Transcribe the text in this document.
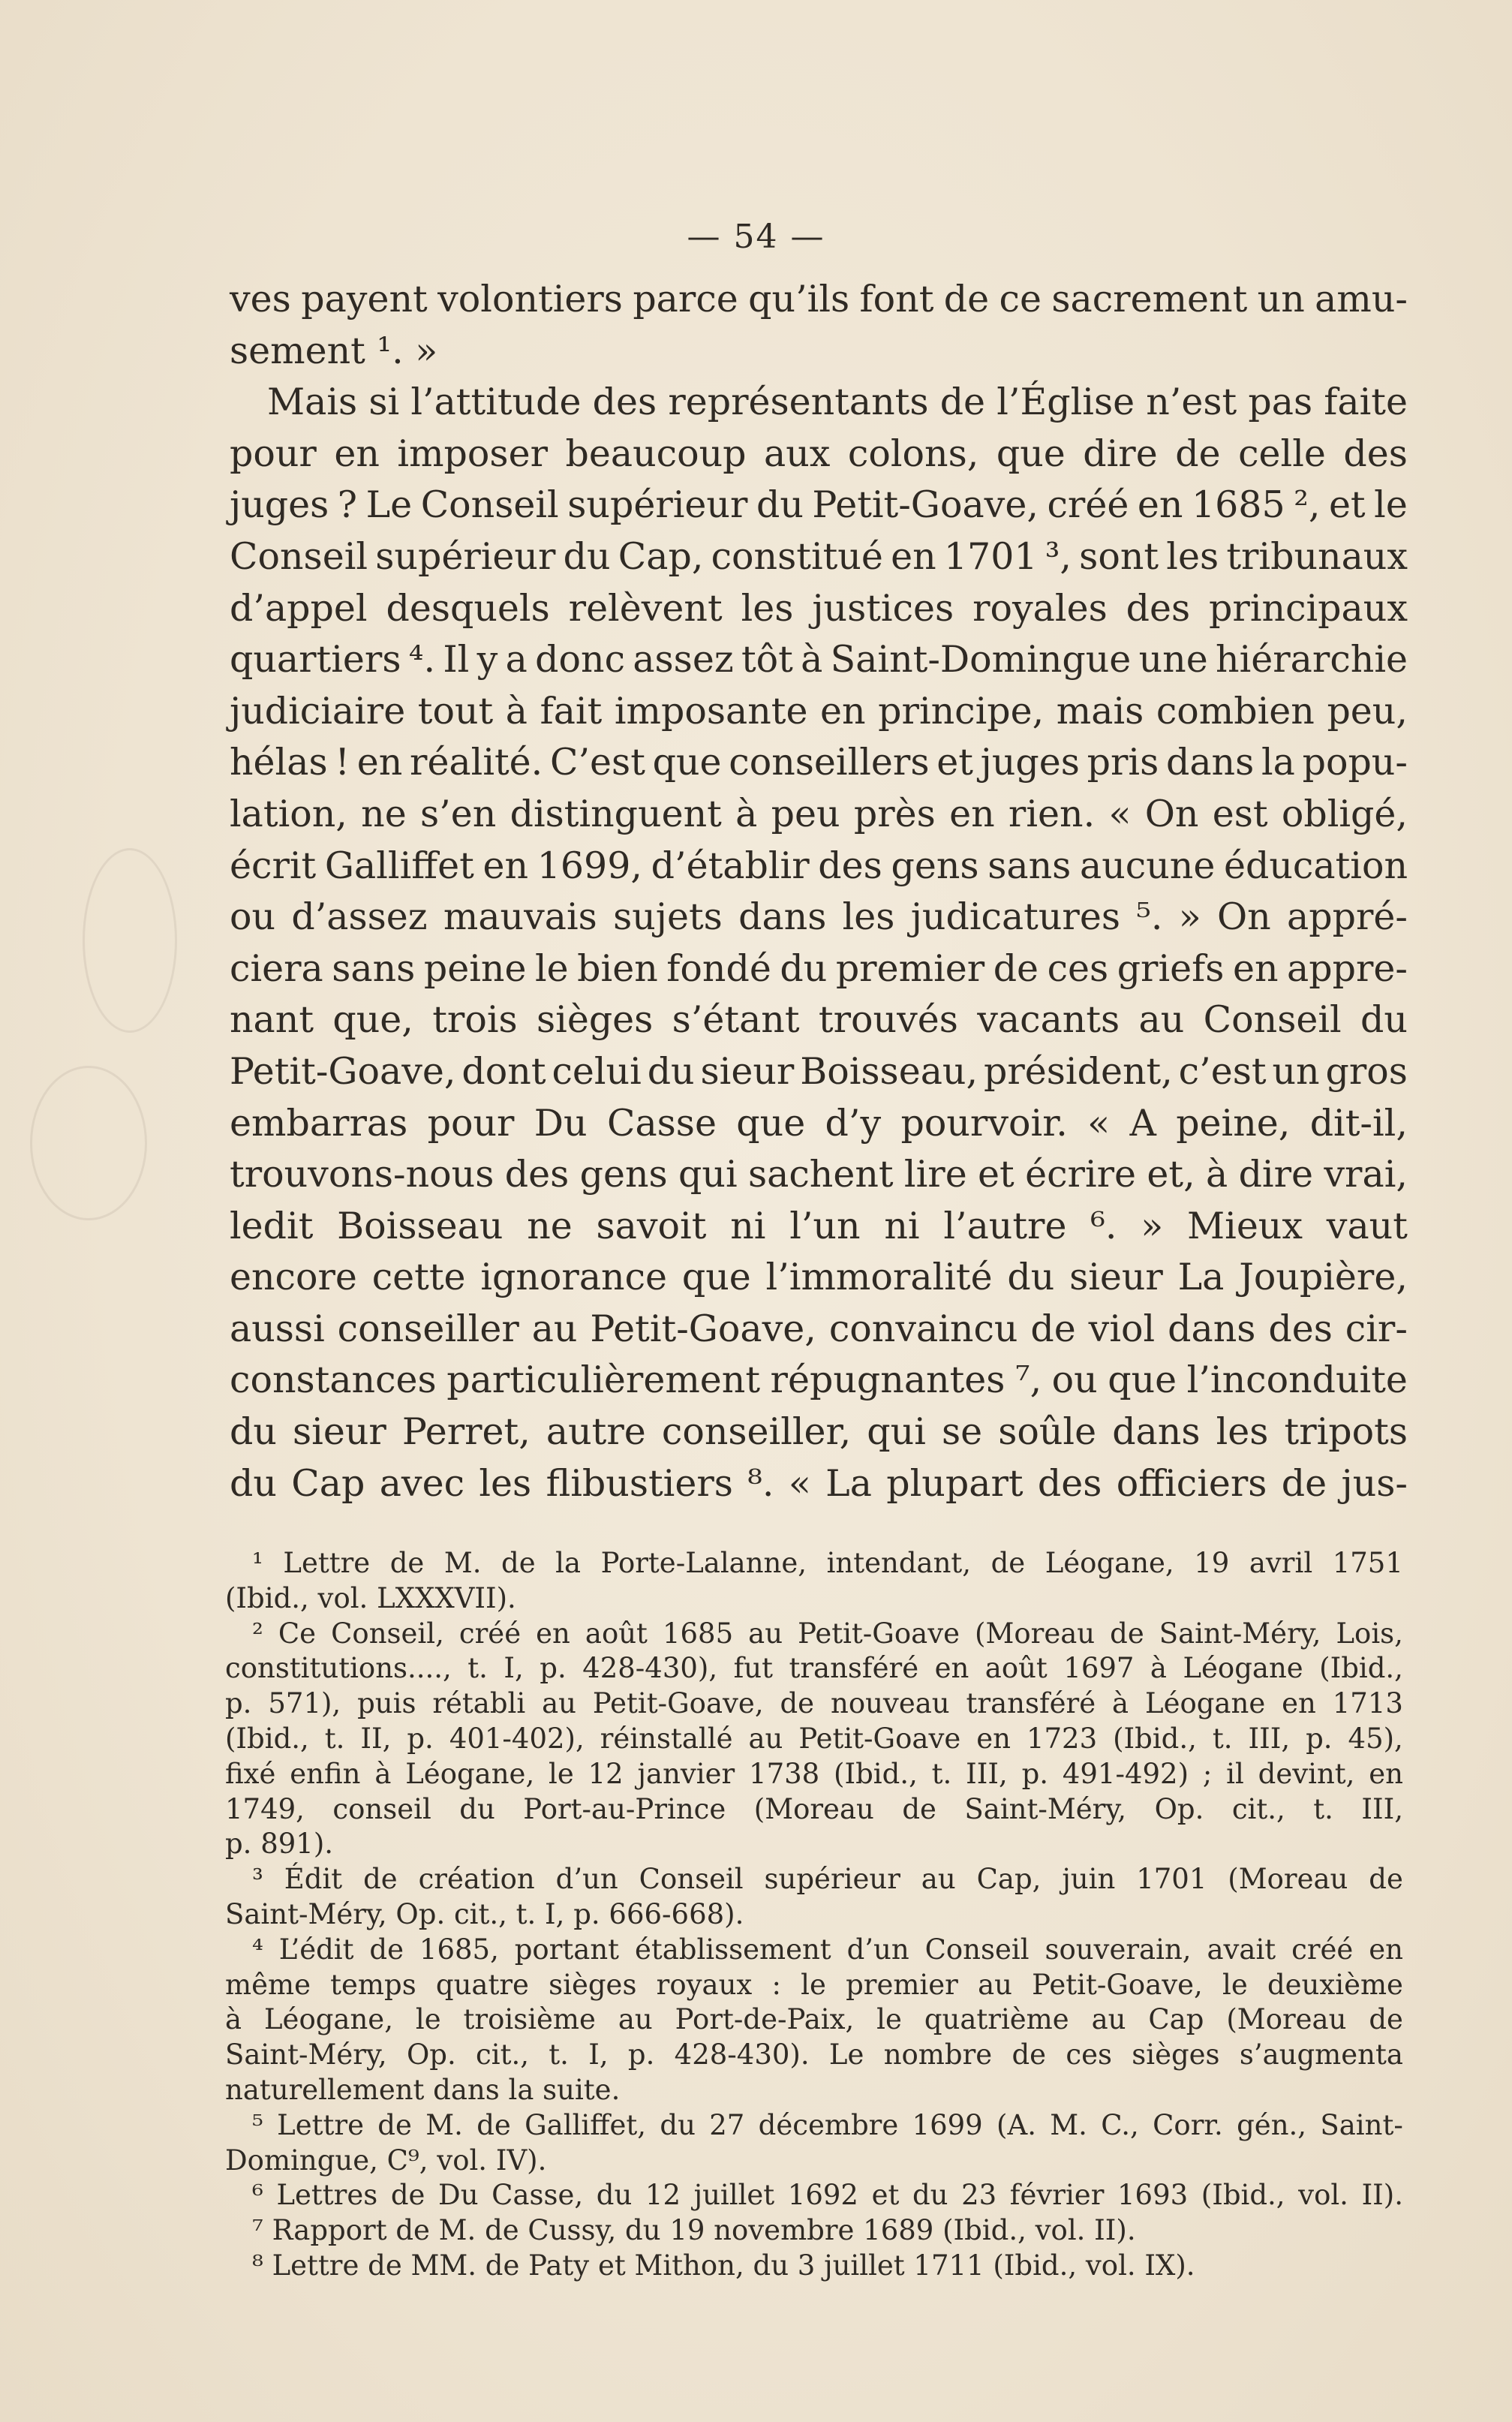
— 54 —
ves payent volontiers parce qu’ils font de ce sacrement un amu-
sement ¹. »
Mais si l’attitude des représentants de l’Église n’est pas faite
pour en imposer beaucoup aux colons, que dire de celle des
juges ? Le Conseil supérieur du Petit-Goave, créé en 1685 ², et le
Conseil supérieur du Cap, constitué en 1701 ³, sont les tribunaux
d’appel desquels relèvent les justices royales des principaux
quartiers ⁴. Il y a donc assez tôt à Saint-Domingue une hiérarchie
judiciaire tout à fait imposante en principe, mais combien peu,
hélas ! en réalité. C’est que conseillers et juges pris dans la popu-
lation, ne s’en distinguent à peu près en rien. « On est obligé,
écrit Galliffet en 1699, d’établir des gens sans aucune éducation
ou d’assez mauvais sujets dans les judicatures ⁵. » On appré-
ciera sans peine le bien fondé du premier de ces griefs en appre-
nant que, trois sièges s’étant trouvés vacants au Conseil du
Petit-Goave, dont celui du sieur Boisseau, président, c’est un gros
embarras pour Du Casse que d’y pourvoir. « A peine, dit-il,
trouvons-nous des gens qui sachent lire et écrire et, à dire vrai,
ledit Boisseau ne savoit ni l’un ni l’autre ⁶. » Mieux vaut
encore cette ignorance que l’immoralité du sieur La Joupière,
aussi conseiller au Petit-Goave, convaincu de viol dans des cir-
constances particulièrement répugnantes ⁷, ou que l’inconduite
du sieur Perret, autre conseiller, qui se soûle dans les tripots
du Cap avec les flibustiers ⁸. « La plupart des officiers de jus-
¹ Lettre de M. de la Porte-Lalanne, intendant, de Léogane, 19 avril 1751
(Ibid., vol. LXXXVII).
² Ce Conseil, créé en août 1685 au Petit-Goave (Moreau de Saint-Méry, Lois,
constitutions...., t. I, p. 428-430), fut transféré en août 1697 à Léogane (Ibid.,
p. 571), puis rétabli au Petit-Goave, de nouveau transféré à Léogane en 1713
(Ibid., t. II, p. 401-402), réinstallé au Petit-Goave en 1723 (Ibid., t. III, p. 45),
fixé enfin à Léogane, le 12 janvier 1738 (Ibid., t. III, p. 491-492) ; il devint, en
1749, conseil du Port-au-Prince (Moreau de Saint-Méry, Op. cit., t. III,
p. 891).
³ Édit de création d’un Conseil supérieur au Cap, juin 1701 (Moreau de
Saint-Méry, Op. cit., t. I, p. 666-668).
⁴ L’édit de 1685, portant établissement d’un Conseil souverain, avait créé en
même temps quatre sièges royaux : le premier au Petit-Goave, le deuxième
à Léogane, le troisième au Port-de-Paix, le quatrième au Cap (Moreau de
Saint-Méry, Op. cit., t. I, p. 428-430). Le nombre de ces sièges s’augmenta
naturellement dans la suite.
⁵ Lettre de M. de Galliffet, du 27 décembre 1699 (A. M. C., Corr. gén., Saint-
Domingue, C⁹, vol. IV).
⁶ Lettres de Du Casse, du 12 juillet 1692 et du 23 février 1693 (Ibid., vol. II).
⁷ Rapport de M. de Cussy, du 19 novembre 1689 (Ibid., vol. II).
⁸ Lettre de MM. de Paty et Mithon, du 3 juillet 1711 (Ibid., vol. IX).
